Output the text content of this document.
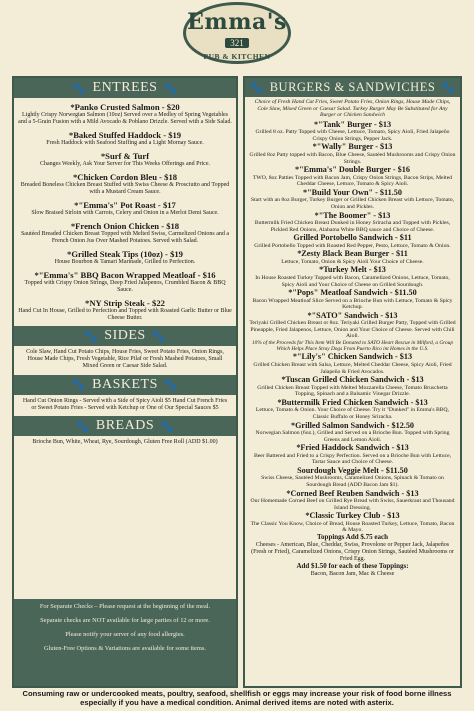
Emma's
321
PUB & KITCHEN
🐾 ENTREES 🐾
*Panko Crusted Salmon - $20
Lightly Crispy Norwegian Salmon (10oz) Served over a Medley of Spring Vegetables and a 5-Grain Fusion with a Mild Avocado & Poblano Drizzle. Served with a Side Salad.
*Baked Stuffed Haddock - $19
Fresh Haddock with Seafood Stuffing and a Light Mornay Sauce.
*Surf & Turf
Changes Weekly, Ask Your Server for This Weeks Offerings and Price.
*Chicken Cordon Bleu - $18
Breaded Boneless Chicken Breast Stuffed with Swiss Cheese & Prosciutto and Topped with a Mustard Cream Sauce.
*"Emma's" Pot Roast - $17
Slow Braised Sirloin with Carrots, Celery and Onion in a Merlot Demi Sauce.
*French Onion Chicken - $18
Sautéed Breaded Chicken Breast Topped with Melted Swiss, Carmelized Onions and a French Onion Jus Over Mashed Potatoes. Served with Salad.
*Grilled Steak Tips (10oz) - $19
House Bourbon & Tamari Marinade, Grilled to Perfection.
*"Emma's" BBQ Bacon Wrapped Meatloaf - $16
Topped with Crispy Onion Strings, Deep Fried Jalapenos, Crumbled Bacon & BBQ Sauce.
*NY Strip Steak - $22
Hand Cut In House, Grilled to Perfection and Topped with Roasted Garlic Butter or Blue Cheese Butter.
🐾 SIDES 🐾
Cole Slaw, Hand Cut Potato Chips, House Fries, Sweet Potato Fries, Onion Rings, House Made Chips, Fresh Vegetable, Rice Pilaf or Fresh Mashed Potatoes, Small Mixed Green or Caesar Side Salad.
🐾 BASKETS 🐾
Hand Cut Onion Rings - Served with a Side of Spicy Aioli $5 Hand Cut French Fries or Sweet Potato Fries - Served with Ketchup or One of Our Special Sauces $5
🐾 BREADS 🐾
Brioche Bun, White, Wheat, Rye, Sourdough, Gluten Free Roll (ADD $1.00)

For Separate Checks – Please request at the beginning of the meal.

Separate checks are NOT available for large parties of 12 or more.

Please notify your server of any food allergies.

Gluten-Free Options & Variations are available for some items.

🐾 BURGERS & SANDWICHES 🐾
Choice of Fresh Hand Cut Fries, Sweet Potato Fries, Onion Rings, House Made Chips, Cole Slaw, Mixed Green or Caesar Salad. Turkey Burger May Be Substituted for Any Burger or Chicken Sandwich
*"Tank" Burger - $13
Grilled 8 oz. Patty Topped with Cheese, Lettuce, Tomato, Spicy Aioli, Fried Jalapeño Crispy Onion Strings, Pepper Jack.
*"Wally" Burger - $13
Grilled 8oz Patty topped with Bacon, Blue Cheese, Sautéed Mushrooms and Crispy Onion Strings.
*"Emma's" Double Burger - $16
TWO, 8oz Patties Topped with Bacon Jam, Crispy Onion Strings, Bacon Strips, Melted Cheddar Cheese, Lettuce, Tomato & Spicy Aioli.
*"Build Your Own" - $11.50
Start with an 8oz Burger, Turkey Burger or Grilled Chicken Breast with Lettuce, Tomato, Onion and Pickles.
*"The Boomer" - $13
Buttermilk Fried Chicken Breast Dunked in Honey Sriracha and Topped with Pickles, Pickled Red Onions, Alabama White BBQ sauce and Choice of Cheese.
Grilled Portobello Sandwich - $11
Grilled Portobello Topped with Roasted Red Pepper, Pesto, Lettuce, Tomato & Onion.
*Zesty Black Bean Burger - $11
Lettuce, Tomato, Onion & Spicy Aioli Your Choice of Cheese.
*Turkey Melt - $13
In House Roasted Turkey Topped with Bacon, Caramelized Onions, Lettuce, Tomato, Spicy Aioli and Your Choice of Cheese on Grilled Sourdough.
*"Pops" Meatloaf Sandwich - $11.50
Bacon Wrapped Meatloaf Slice Served on a Brioche Bun with Lettuce, Tomato & Spicy Ketchup.
*"SATO" Sandwich - $13
Teriyaki Grilled Chicken Breast or 8oz. Teriyaki Grilled Burger Patty, Topped with Grilled Pineapple, Fried Jalapenos, Lettuce, Onion and Your Choice of Cheese. Served with Chili Aioli.
10% of the Proceeds for This Item Will Be Donated to SATO Heart Rescue in Milford, a Group Which Helps Place Stray Dogs From Puerto Rico int Homes in the U.S.
*"Lily's" Chicken Sandwich - $13
Grilled Chicken Breast with Salsa, Lettuce, Melted Cheddar Cheese, Spicy Aioli, Fried Jalapeño & Fried Avocados.
*Tuscan Grilled Chicken Sandwich - $13
Grilled Chicken Breast Topped with Melted Mozzarella Cheese, Tomato Bruschetta Topping, Spinach and a Balsamic Vinegar Drizzle.
*Buttermilk Fried Chicken Sandwich - $13
Lettuce, Tomato & Onion. Your Choice of Cheese. Try it "Dunked" in Emma's BBQ, Classic Buffalo or Honey Sriracha.
*Grilled Salmon Sandwich - $12.50
Norwegian Salmon (6oz.), Grilled and Served on a Brioche Bun. Topped with Spring Greens and Lemon Aioli.
*Fried Haddock Sandwich - $13
Beer Battered and Fried to a Crispy Perfection. Served on a Brioche Bun with Lettuce, Tartar Sauce and Choice of Cheese.
Sourdough Veggie Melt - $11.50
Swiss Cheese, Sautéed Mushrooms, Caramelized Onions, Spinach & Tomato on Sourdough Bread (ADD Bacon Jam $1).
*Corned Beef Reuben Sandwich - $13
Our Homemade Corned Beef on Grilled Rye Bread with Swiss, Sauerkraut and Thousand Island Dressing.
*Classic Turkey Club - $13
The Classic You Know, Choice of Bread, House Roasted Turkey, Lettuce, Tomato, Bacon & Mayo.
Toppings Add $.75 each
Cheeses - American, Blue, Cheddar, Swiss, Provolone or Pepper Jack, Jalapeños (Fresh or Fried), Caramelized Onions, Crispy Onion Strings, Sautéed Mushrooms or Fried Egg.
Add $1.50 for each of these Toppings:
Bacon, Bacon Jam, Mac & Cheese
Consuming raw or undercooked meats, poultry, seafood, shellfish or eggs may increase your risk of food borne illness especially if you have a medical condition. Animal derived items are noted with asterix.
